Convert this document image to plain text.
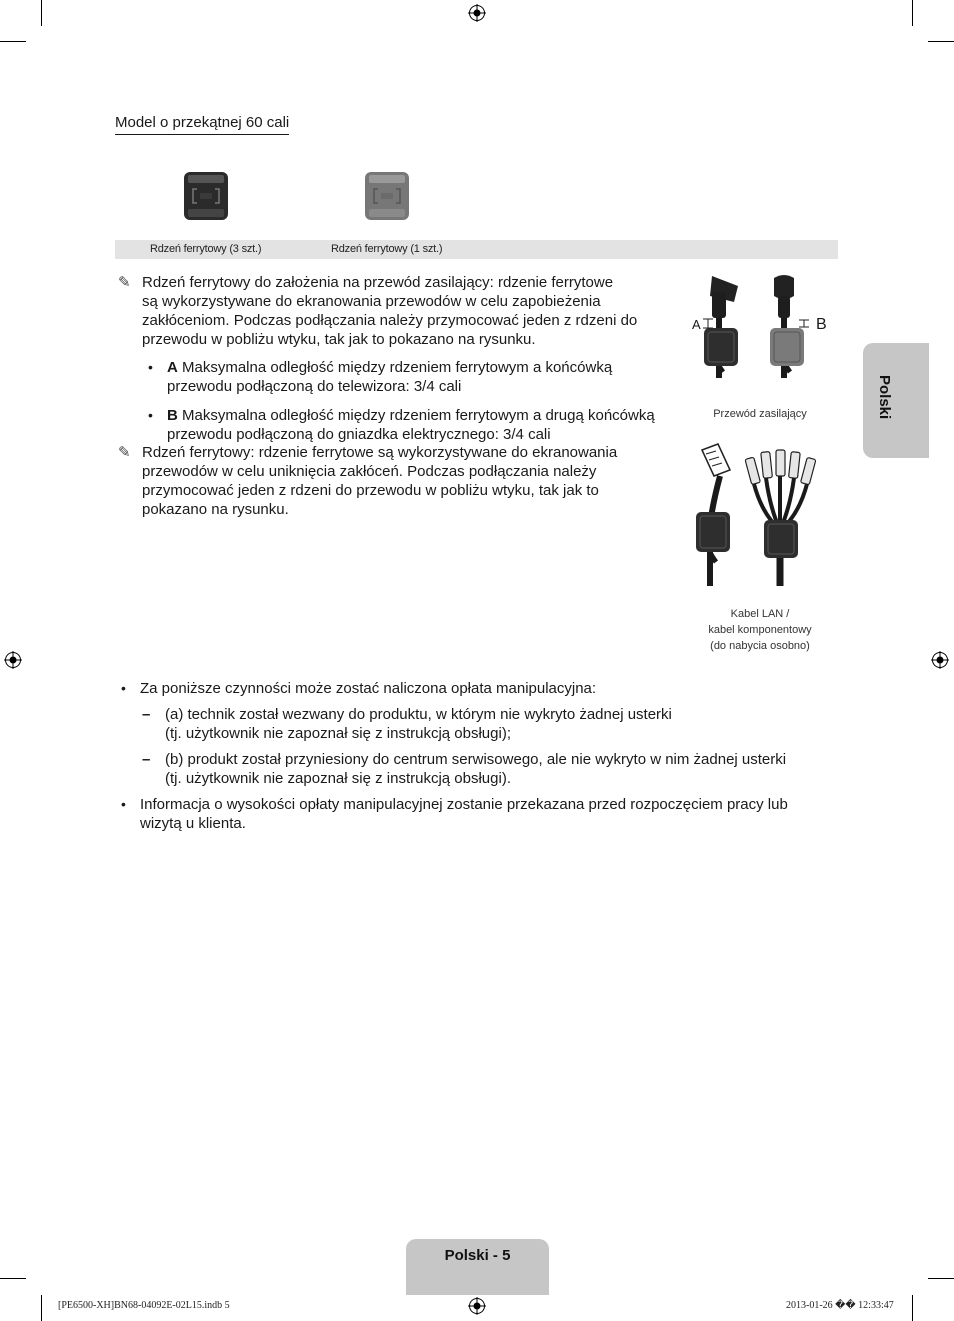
Model o przekątnej 60 cali
Rdzeń ferrytowy (3 szt.)	Rdzeń ferrytowy (1 szt.)
✎ Rdzeń ferrytowy do założenia na przewód zasilający: rdzenie ferrytowe
są wykorzystywane do ekranowania przewodów w celu zapobieżenia
zakłóceniom. Podczas podłączania należy przymocować jeden z rdzeni do
przewodu w pobliżu wtyku, tak jak to pokazano na rysunku.
• A Maksymalna odległość między rdzeniem ferrytowym a końcówką
przewodu podłączoną do telewizora: 3/4 cali
• B Maksymalna odległość między rdzeniem ferrytowym a drugą końcówką
przewodu podłączoną do gniazdka elektrycznego: 3/4 cali
✎ Rdzeń ferrytowy: rdzenie ferrytowe są wykorzystywane do ekranowania
przewodów w celu uniknięcia zakłóceń. Podczas podłączania należy
przymocować jeden z rdzeni do przewodu w pobliżu wtyku, tak jak to
pokazano na rysunku.
A	B
Przewód zasilający
Kabel LAN /
kabel komponentowy
(do nabycia osobno)
• Za poniższe czynności może zostać naliczona opłata manipulacyjna:
– (a) technik został wezwany do produktu, w którym nie wykryto żadnej usterki
(tj. użytkownik nie zapoznał się z instrukcją obsługi);
– (b) produkt został przyniesiony do centrum serwisowego, ale nie wykryto w nim żadnej usterki
(tj. użytkownik nie zapoznał się z instrukcją obsługi).
• Informacja o wysokości opłaty manipulacyjnej zostanie przekazana przed rozpoczęciem pracy lub
wizytą u klienta.
Polski
Polski - 5
[PE6500-XH]BN68-04092E-02L15.indb 5	2013-01-26 �� 12:33:47
